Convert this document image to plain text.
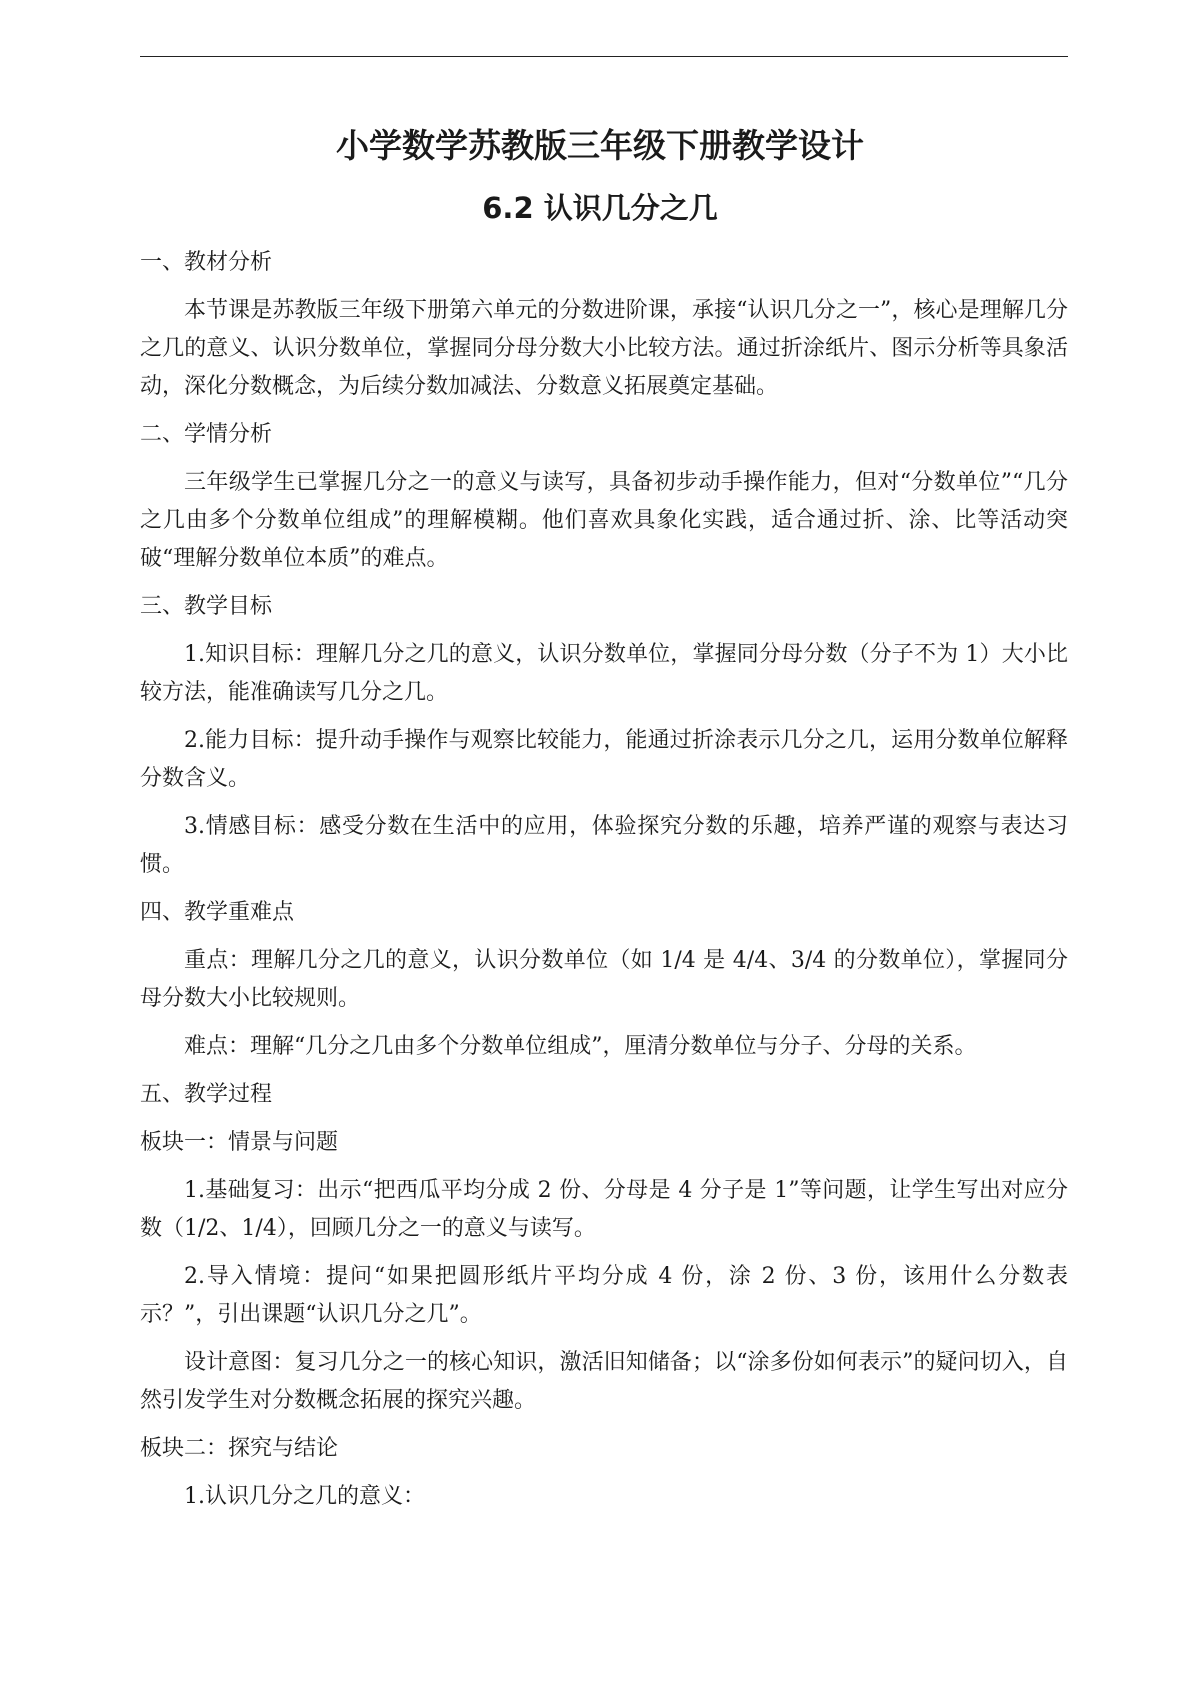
小学数学苏教版三年级下册教学设计
6.2 认识几分之几
一、教材分析

本节课是苏教版三年级下册第六单元的分数进阶课，承接“认识几分之一”，核心是理解几分之几的意义、认识分数单位，掌握同分母分数大小比较方法。通过折涂纸片、图示分析等具象活动，深化分数概念，为后续分数加减法、分数意义拓展奠定基础。

二、学情分析

三年级学生已掌握几分之一的意义与读写，具备初步动手操作能力，但对“分数单位”“几分之几由多个分数单位组成”的理解模糊。他们喜欢具象化实践，适合通过折、涂、比等活动突破“理解分数单位本质”的难点。

三、教学目标

1.知识目标：理解几分之几的意义，认识分数单位，掌握同分母分数（分子不为 1）大小比较方法，能准确读写几分之几。

2.能力目标：提升动手操作与观察比较能力，能通过折涂表示几分之几，运用分数单位解释分数含义。

3.情感目标：感受分数在生活中的应用，体验探究分数的乐趣，培养严谨的观察与表达习惯。

四、教学重难点

重点：理解几分之几的意义，认识分数单位（如 1/4 是 4/4、3/4 的分数单位），掌握同分母分数大小比较规则。

难点：理解“几分之几由多个分数单位组成”，厘清分数单位与分子、分母的关系。

五、教学过程
板块一：情景与问题

1.基础复习：出示“把西瓜平均分成 2 份、分母是 4 分子是 1”等问题，让学生写出对应分数（1/2、1/4），回顾几分之一的意义与读写。

2.导入情境：提问“如果把圆形纸片平均分成 4 份，涂 2 份、3 份，该用什么分数表示？”，引出课题“认识几分之几”。

设计意图：复习几分之一的核心知识，激活旧知储备；以“涂多份如何表示”的疑问切入，自然引发学生对分数概念拓展的探究兴趣。

板块二：探究与结论

1.认识几分之几的意义：
